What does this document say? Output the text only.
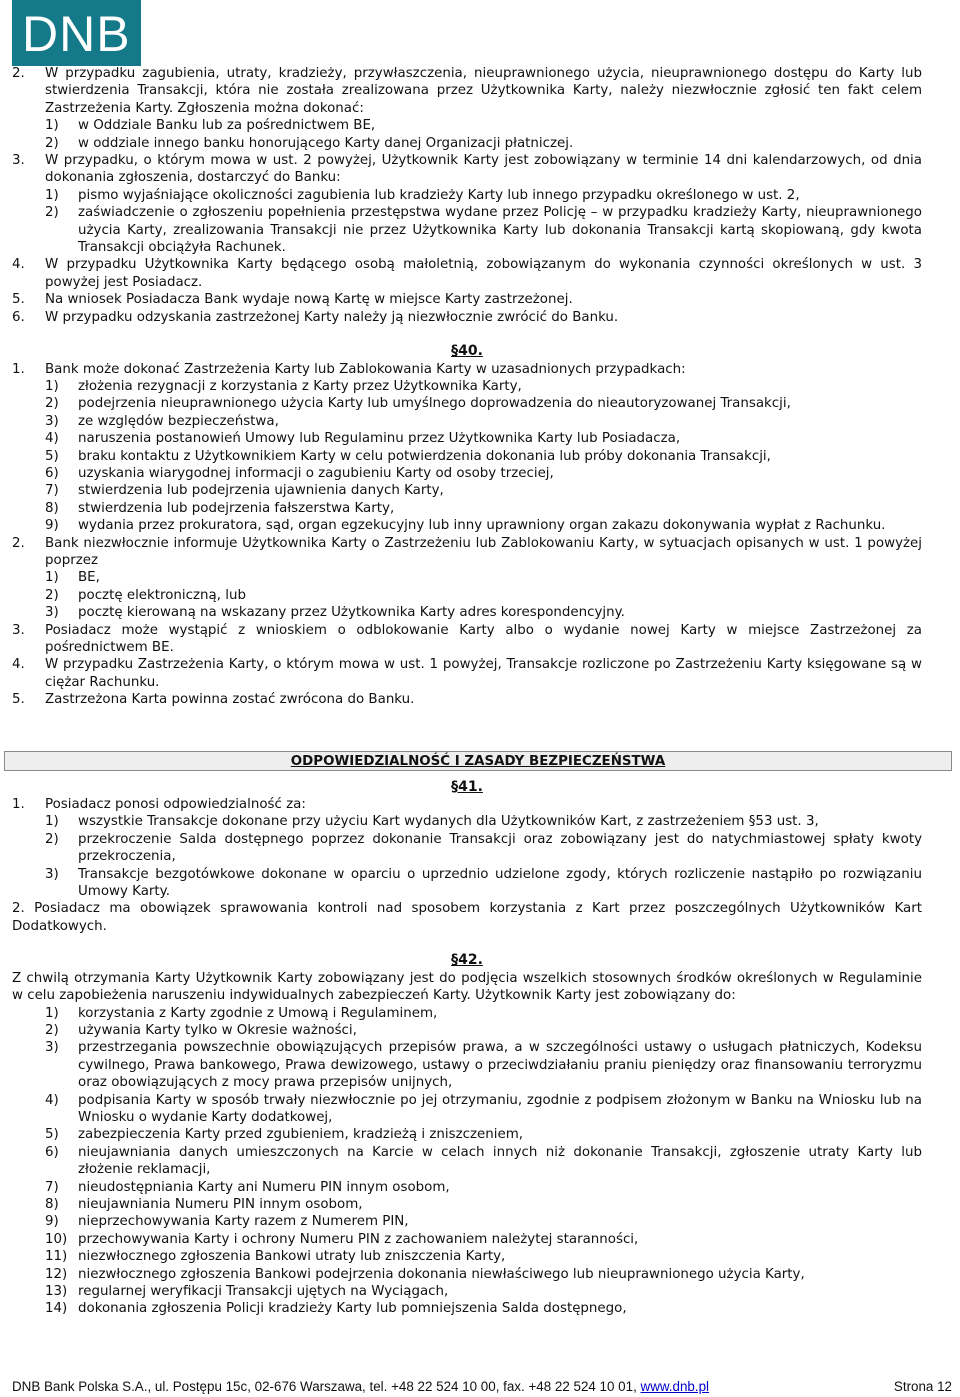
DNB
2. W przypadku zagubienia, utraty, kradzieży, przywłaszczenia, nieuprawnionego użycia, nieuprawnionego dostępu do Karty lub stwierdzenia Transakcji, która nie została zrealizowana przez Użytkownika Karty, należy niezwłocznie zgłosić ten fakt celem Zastrzeżenia Karty. Zgłoszenia można dokonać:
1) w Oddziale Banku lub za pośrednictwem BE,
2) w oddziale innego banku honorującego Karty danej Organizacji płatniczej.
3. W przypadku, o którym mowa w ust. 2 powyżej, Użytkownik Karty jest zobowiązany w terminie 14 dni kalendarzowych, od dnia dokonania zgłoszenia, dostarczyć do Banku:
1) pismo wyjaśniające okoliczności zagubienia lub kradzieży Karty lub innego przypadku określonego w ust. 2,
2) zaświadczenie o zgłoszeniu popełnienia przestępstwa wydane przez Policję – w przypadku kradzieży Karty, nieuprawnionego użycia Karty, zrealizowania Transakcji nie przez Użytkownika Karty lub dokonania Transakcji kartą skopiowaną, gdy kwota Transakcji obciążyła Rachunek.
4. W przypadku Użytkownika Karty będącego osobą małoletnią, zobowiązanym do wykonania czynności określonych w ust. 3 powyżej jest Posiadacz.
5. Na wniosek Posiadacza Bank wydaje nową Kartę w miejsce Karty zastrzeżonej.
6. W przypadku odzyskania zastrzeżonej Karty należy ją niezwłocznie zwrócić do Banku.
§40.
1. Bank może dokonać Zastrzeżenia Karty lub Zablokowania Karty w uzasadnionych przypadkach:
1) złożenia rezygnacji z korzystania z Karty przez Użytkownika Karty,
2) podejrzenia nieuprawnionego użycia Karty lub umyślnego doprowadzenia do nieautoryzowanej Transakcji,
3) ze względów bezpieczeństwa,
4) naruszenia postanowień Umowy lub Regulaminu przez Użytkownika Karty lub Posiadacza,
5) braku kontaktu z Użytkownikiem Karty w celu potwierdzenia dokonania lub próby dokonania Transakcji,
6) uzyskania wiarygodnej informacji o zagubieniu Karty od osoby trzeciej,
7) stwierdzenia lub podejrzenia ujawnienia danych Karty,
8) stwierdzenia lub podejrzenia fałszerstwa Karty,
9) wydania przez prokuratora, sąd, organ egzekucyjny lub inny uprawniony organ zakazu dokonywania wypłat z Rachunku.
2. Bank niezwłocznie informuje Użytkownika Karty o Zastrzeżeniu lub Zablokowaniu Karty, w sytuacjach opisanych w ust. 1 powyżej poprzez
1) BE,
2) pocztę elektroniczną, lub
3) pocztę kierowaną na wskazany przez Użytkownika Karty adres korespondencyjny.
3. Posiadacz może wystąpić z wnioskiem o odblokowanie Karty albo o wydanie nowej Karty w miejsce Zastrzeżonej za pośrednictwem BE.
4. W przypadku Zastrzeżenia Karty, o którym mowa w ust. 1 powyżej, Transakcje rozliczone po Zastrzeżeniu Karty księgowane są w ciężar Rachunku.
5. Zastrzeżona Karta powinna zostać zwrócona do Banku.
§41.
1. Posiadacz ponosi odpowiedzialność za:
1) wszystkie Transakcje dokonane przy użyciu Kart wydanych dla Użytkowników Kart, z zastrzeżeniem §53 ust. 3,
2) przekroczenie Salda dostępnego poprzez dokonanie Transakcji oraz zobowiązany jest do natychmiastowej spłaty kwoty przekroczenia,
3) Transakcje bezgotówkowe dokonane w oparciu o uprzednio udzielone zgody, których rozliczenie nastąpiło po rozwiązaniu Umowy Karty.
2. Posiadacz ma obowiązek sprawowania kontroli nad sposobem korzystania z Kart przez poszczególnych Użytkowników Kart Dodatkowych.
§42.
Z chwilą otrzymania Karty Użytkownik Karty zobowiązany jest do podjęcia wszelkich stosownych środków określonych w Regulaminie w celu zapobieżenia naruszeniu indywidualnych zabezpieczeń Karty. Użytkownik Karty jest zobowiązany do:
1) korzystania z Karty zgodnie z Umową i Regulaminem,
2) używania Karty tylko w Okresie ważności,
3) przestrzegania powszechnie obowiązujących przepisów prawa, a w szczególności ustawy o usługach płatniczych, Kodeksu cywilnego, Prawa bankowego, Prawa dewizowego, ustawy o przeciwdziałaniu praniu pieniędzy oraz finansowaniu terroryzmu oraz obowiązujących z mocy prawa przepisów unijnych,
4) podpisania Karty w sposób trwały niezwłocznie po jej otrzymaniu, zgodnie z podpisem złożonym w Banku na Wniosku lub na Wniosku o wydanie Karty dodatkowej,
5) zabezpieczenia Karty przed zgubieniem, kradzieżą i zniszczeniem,
6) nieujawniania danych umieszczonych na Karcie w celach innych niż dokonanie Transakcji, zgłoszenie utraty Karty lub złożenie reklamacji,
7) nieudostępniania Karty ani Numeru PIN innym osobom,
8) nieujawniania Numeru PIN innym osobom,
9) nieprzechowywania Karty razem z Numerem PIN,
10) przechowywania Karty i ochrony Numeru PIN z zachowaniem należytej staranności,
11) niezwłocznego zgłoszenia Bankowi utraty lub zniszczenia Karty,
12) niezwłocznego zgłoszenia Bankowi podejrzenia dokonania niewłaściwego lub nieuprawnionego użycia Karty,
13) regularnej weryfikacji Transakcji ujętych na Wyciągach,
14) dokonania zgłoszenia Policji kradzieży Karty lub pomniejszenia Salda dostępnego,
ODPOWIEDZIALNOŚĆ I ZASADY BEZPIECZEŃSTWA
DNB Bank Polska S.A., ul. Postępu 15c, 02-676 Warszawa, tel. +48 22 524 10 00, fax. +48 22 524 10 01, www.dnb.pl	Strona 12
